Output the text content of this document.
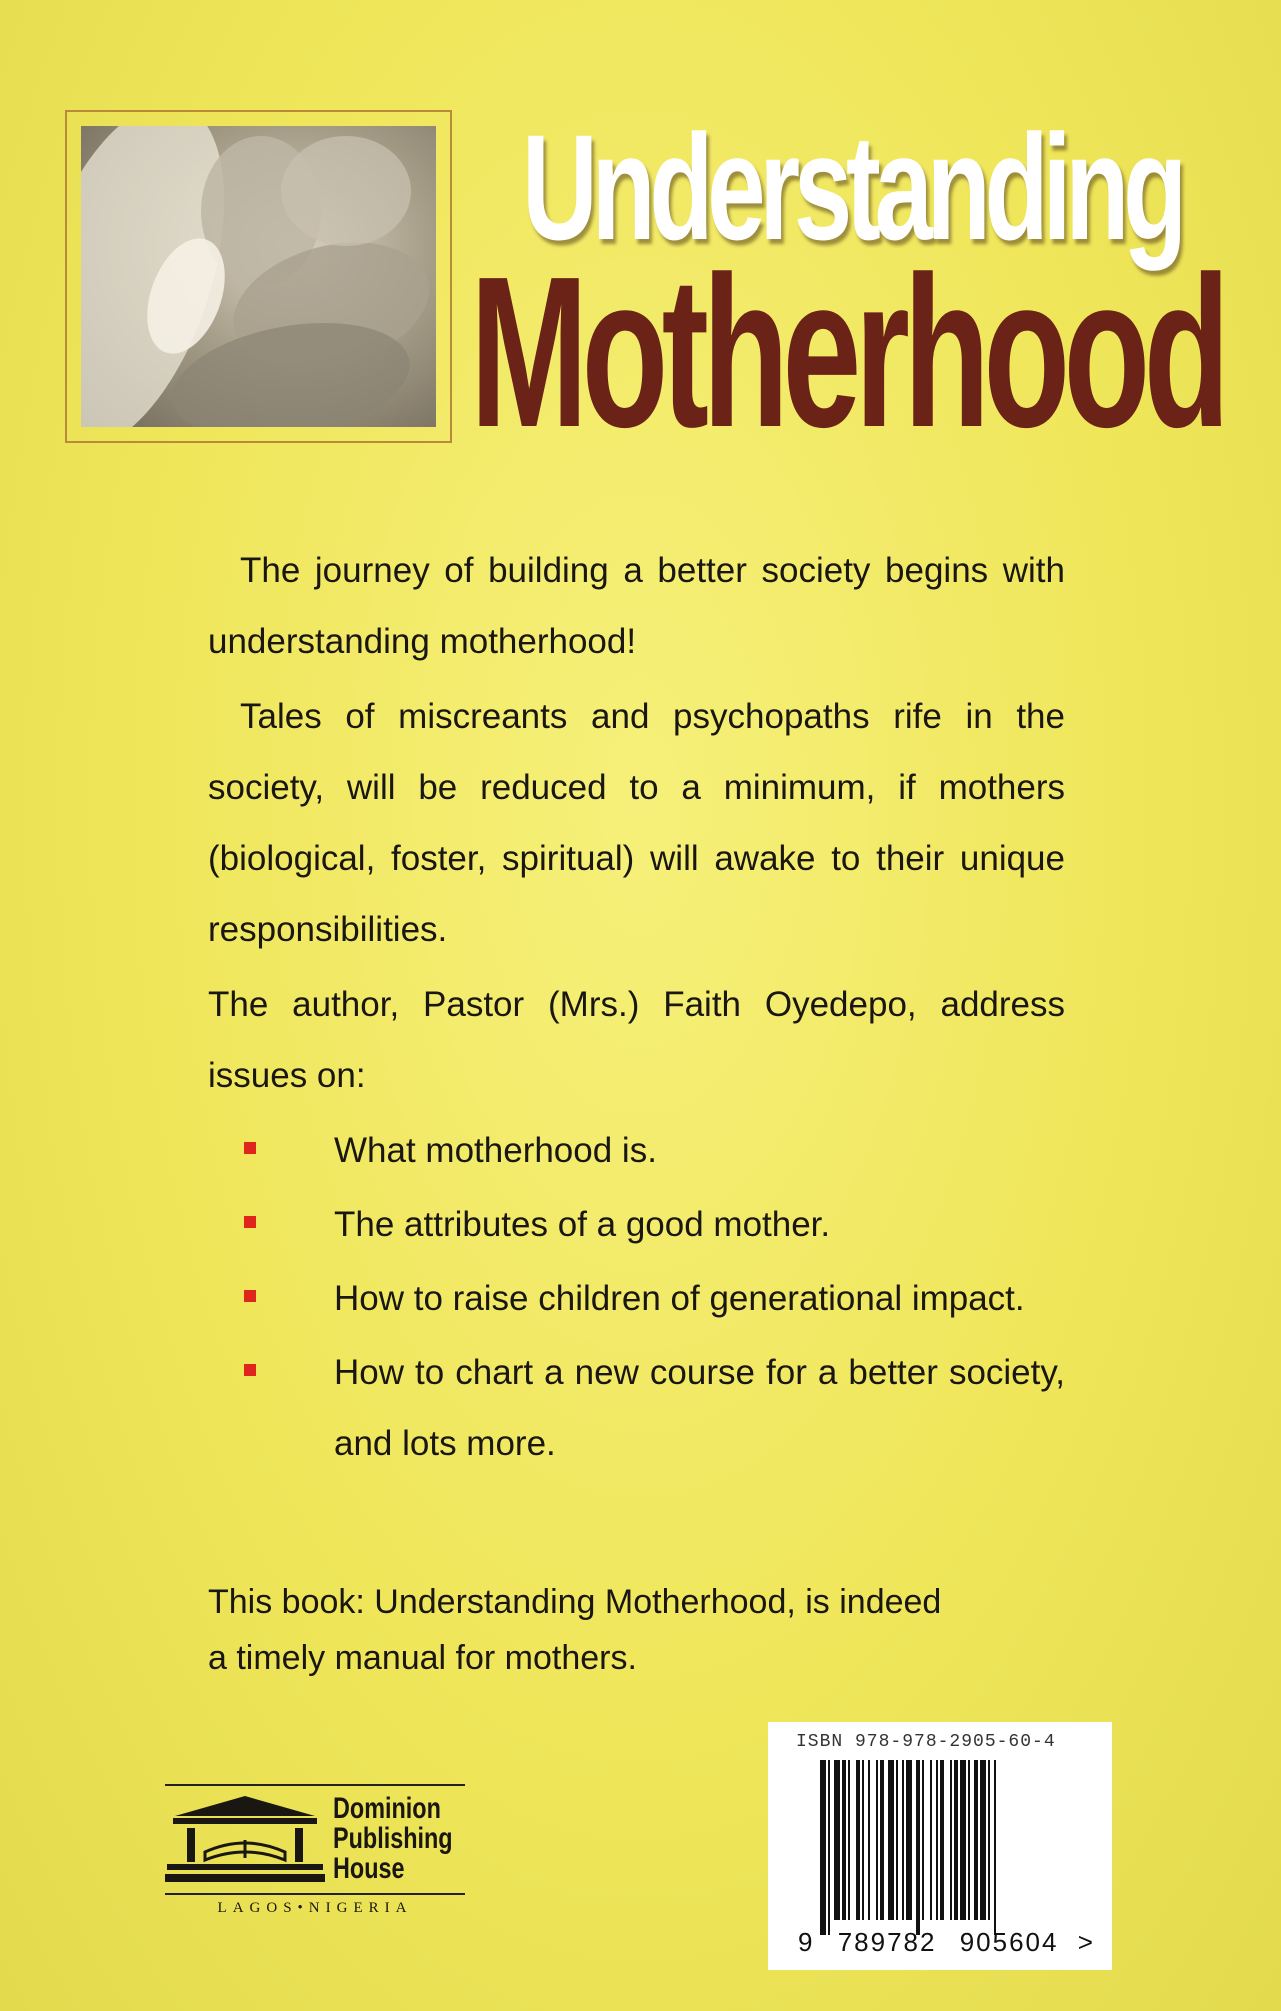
Understanding
Motherhood

The journey of building a better society begins with understanding motherhood!

Tales of miscreants and psychopaths rife in the society, will be reduced to a minimum, if mothers (biological, foster, spiritual) will awake to their unique responsibilities.

The author, Pastor (Mrs.) Faith Oyedepo, address issues on:

What motherhood is.
The attributes of a good mother.
How to raise children of generational impact.
How to chart a new course for a better society, and lots more.

This book: Understanding Motherhood, is indeed

a timely manual for mothers.

Dominion
Publishing
House
LAGOS•NIGERIA
ISBN 978-978-2905-60-4
9 789782 905604 >
